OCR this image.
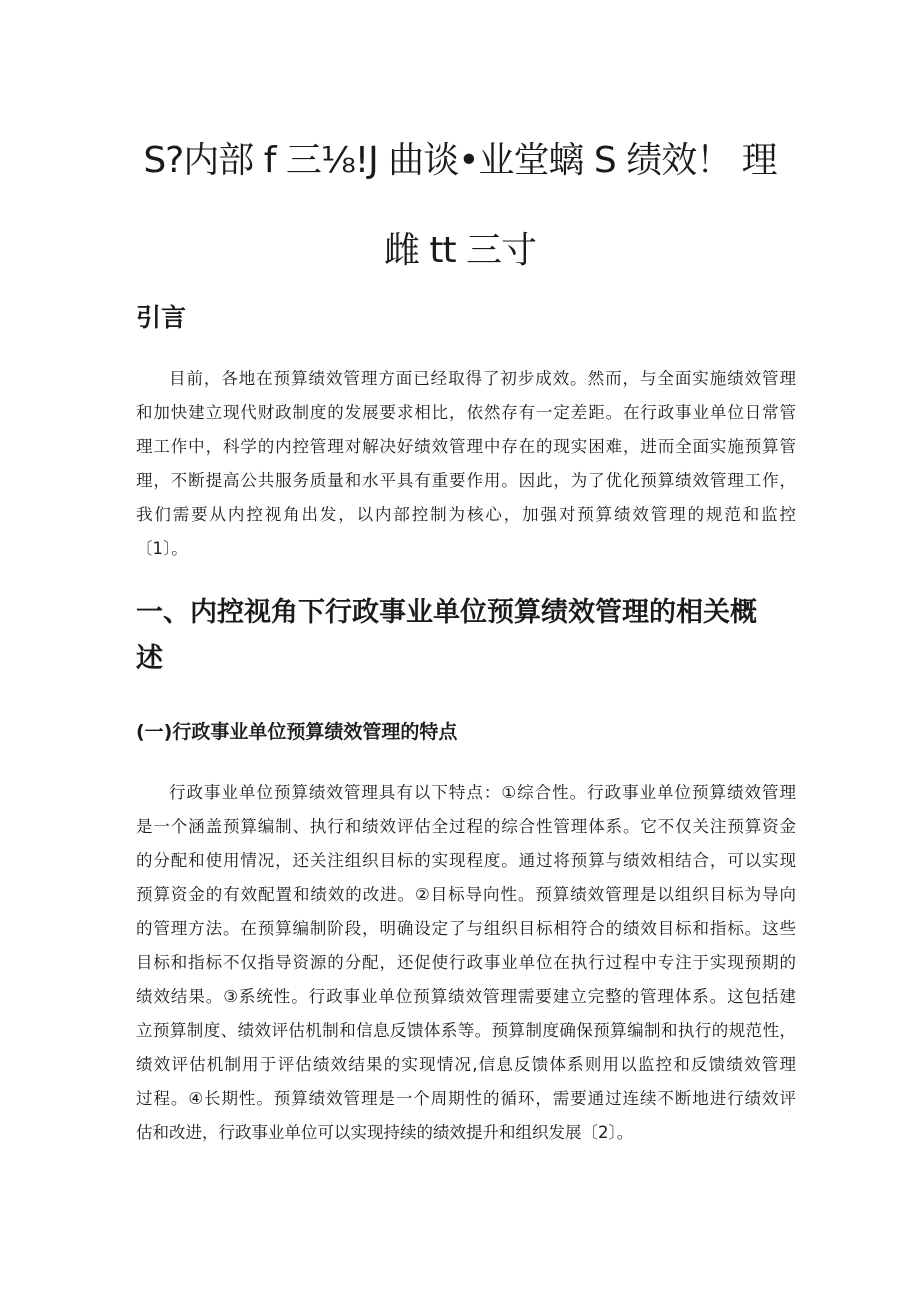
S?内部 f 三⅛!J 曲谈•业堂螭 S 绩效！ 理
雌 tt 三寸
引言
目前，各地在预算绩效管理方面已经取得了初步成效。然而，与全面实施绩效管理
和加快建立现代财政制度的发展要求相比，依然存有一定差距。在行政事业单位日常管
理工作中，科学的内控管理对解决好绩效管理中存在的现实困难，进而全面实施预算管
理，不断提高公共服务质量和水平具有重要作用。因此，为了优化预算绩效管理工作，
我们需要从内控视角出发，以内部控制为核心，加强对预算绩效管理的规范和监控
〔1〕。
一、内控视角下行政事业单位预算绩效管理的相关概
述
(一)行政事业单位预算绩效管理的特点
行政事业单位预算绩效管理具有以下特点：①综合性。行政事业单位预算绩效管理
是一个涵盖预算编制、执行和绩效评估全过程的综合性管理体系。它不仅关注预算资金
的分配和使用情况，还关注组织目标的实现程度。通过将预算与绩效相结合，可以实现
预算资金的有效配置和绩效的改进。②目标导向性。预算绩效管理是以组织目标为导向
的管理方法。在预算编制阶段，明确设定了与组织目标相符合的绩效目标和指标。这些
目标和指标不仅指导资源的分配，还促使行政事业单位在执行过程中专注于实现预期的
绩效结果。③系统性。行政事业单位预算绩效管理需要建立完整的管理体系。这包括建
立预算制度、绩效评估机制和信息反馈体系等。预算制度确保预算编制和执行的规范性，
绩效评估机制用于评估绩效结果的实现情况,信息反馈体系则用以监控和反馈绩效管理
过程。④长期性。预算绩效管理是一个周期性的循环，需要通过连续不断地进行绩效评
估和改进，行政事业单位可以实现持续的绩效提升和组织发展〔2〕。
